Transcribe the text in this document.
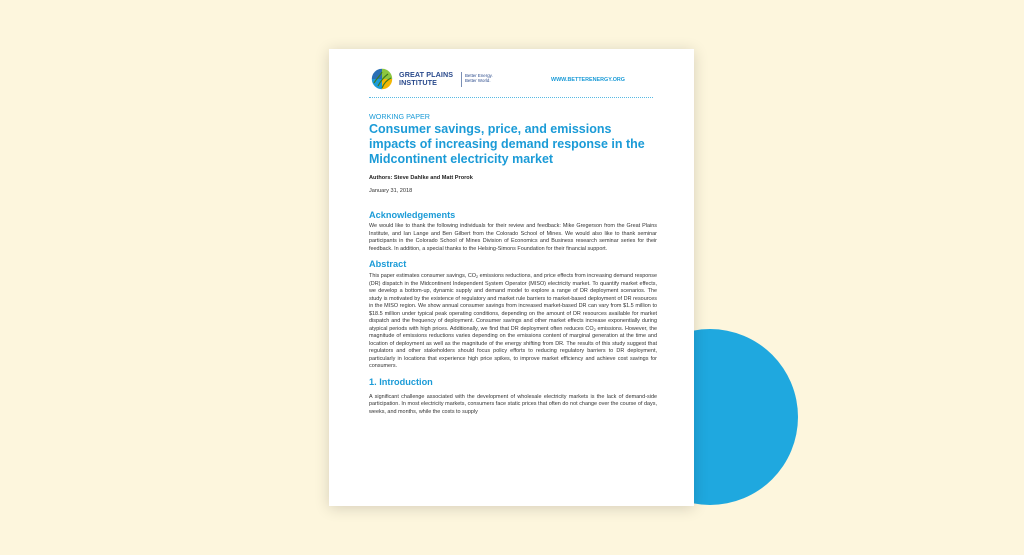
GREAT PLAINS
INSTITUTE
Better Energy.
Better World.	WWW.BETTERENERGY.ORG
WORKING PAPER
Consumer savings, price, and emissions impacts of increasing demand response in the Midcontinent electricity market
Authors: Steve Dahlke and Matt Prorok
January 31, 2018
Acknowledgements
We would like to thank the following individuals for their review and feedback: Mike Gregerson from the Great Plains Institute, and Ian Lange and Ben Gilbert from the Colorado School of Mines. We would also like to thank seminar participants in the Colorado School of Mines Division of Economics and Business research seminar series for their feedback. In addition, a special thanks to the Helsing-Simons Foundation for their financial support.
Abstract
This paper estimates consumer savings, $CO_2$ emissions reductions, and price effects from increasing demand response (DR) dispatch in the Midcontinent Independent System Operator (MISO) electricity market. To quantify market effects, we develop a bottom-up, dynamic supply and demand model to explore a range of DR deployment scenarios. The study is motivated by the existence of regulatory and market rule barriers to market-based deployment of DR resources in the MISO region. We show annual consumer savings from increased market-based DR can vary from $1.5 million to $18.5 million under typical peak operating conditions, depending on the amount of DR resources available for market dispatch and the frequency of deployment. Consumer savings and other market effects increase exponentially during atypical periods with high prices. Additionally, we find that DR deployment often reduces $CO_2$ emissions. However, the magnitude of emissions reductions varies depending on the emissions content of marginal generation at the time and location of deployment as well as the magnitude of the energy shifting from DR. The results of this study suggest that regulators and other stakeholders should focus policy efforts to reducing regulatory barriers to DR deployment, particularly in locations that experience high price spikes, to improve market efficiency and achieve cost savings for consumers.
1. Introduction
A significant challenge associated with the development of wholesale electricity markets is the lack of demand-side participation. In most electricity markets, consumers face static prices that often do not change over the course of days, weeks, and months, while the costs to supply
